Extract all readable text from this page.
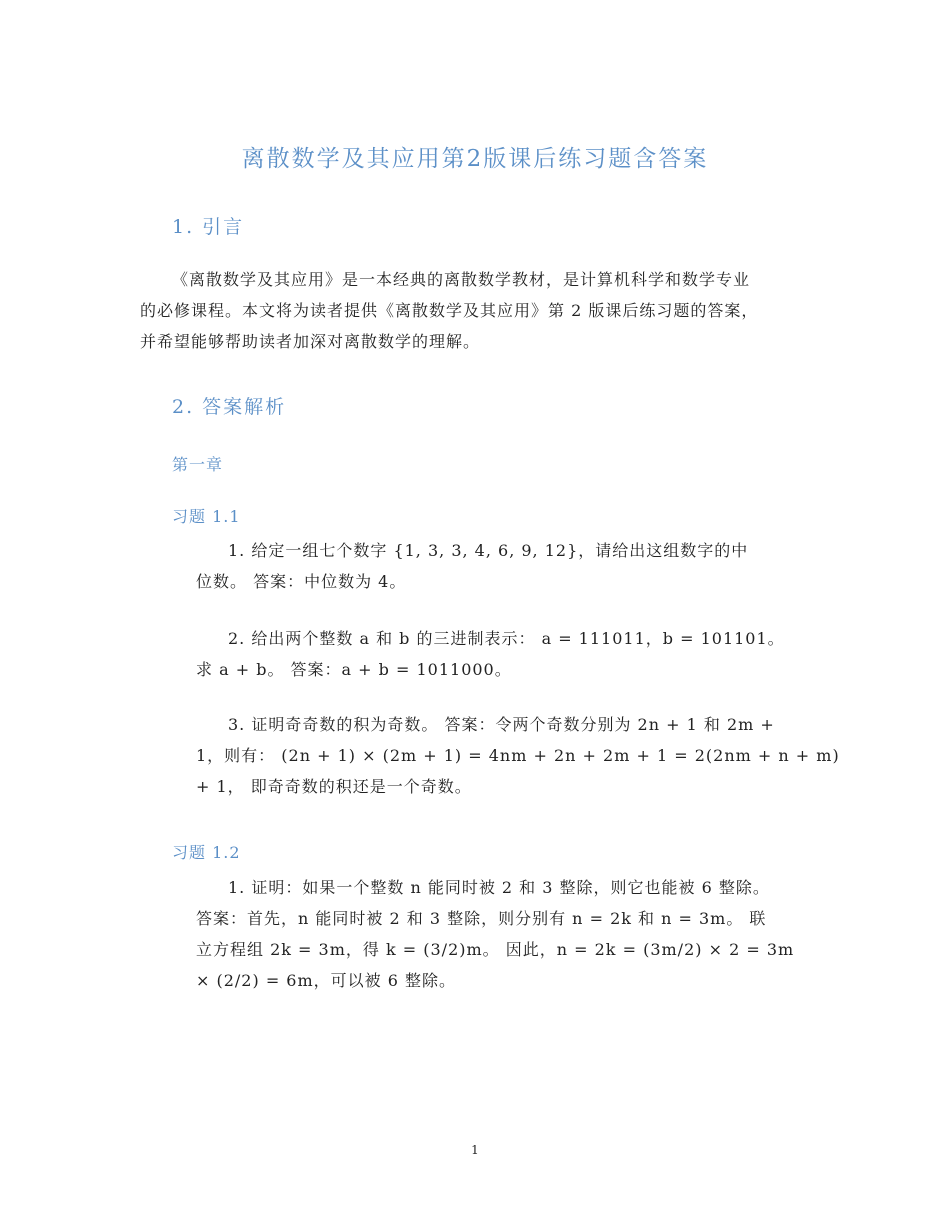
离散数学及其应用第2版课后练习题含答案
1. 引言
《离散数学及其应用》是一本经典的离散数学教材，是计算机科学和数学专业
的必修课程。本文将为读者提供《离散数学及其应用》第 2 版课后练习题的答案，
并希望能够帮助读者加深对离散数学的理解。
2. 答案解析
第一章
习题 1.1
1. 给定一组七个数字 {1, 3, 3, 4, 6, 9, 12}，请给出这组数字的中
位数。 答案：中位数为 4。
2. 给出两个整数 a 和 b 的三进制表示： a = 111011，b = 101101。
求 a + b。 答案：a + b = 1011000。
3. 证明奇奇数的积为奇数。 答案：令两个奇数分别为 2n + 1 和 2m +
1，则有： (2n + 1) × (2m + 1) = 4nm + 2n + 2m + 1 = 2(2nm + n + m)
+ 1， 即奇奇数的积还是一个奇数。
习题 1.2
1. 证明：如果一个整数 n 能同时被 2 和 3 整除，则它也能被 6 整除。
答案：首先，n 能同时被 2 和 3 整除，则分别有 n = 2k 和 n = 3m。 联
立方程组 2k = 3m，得 k = (3/2)m。 因此，n = 2k = (3m/2) × 2 = 3m
× (2/2) = 6m，可以被 6 整除。
1
